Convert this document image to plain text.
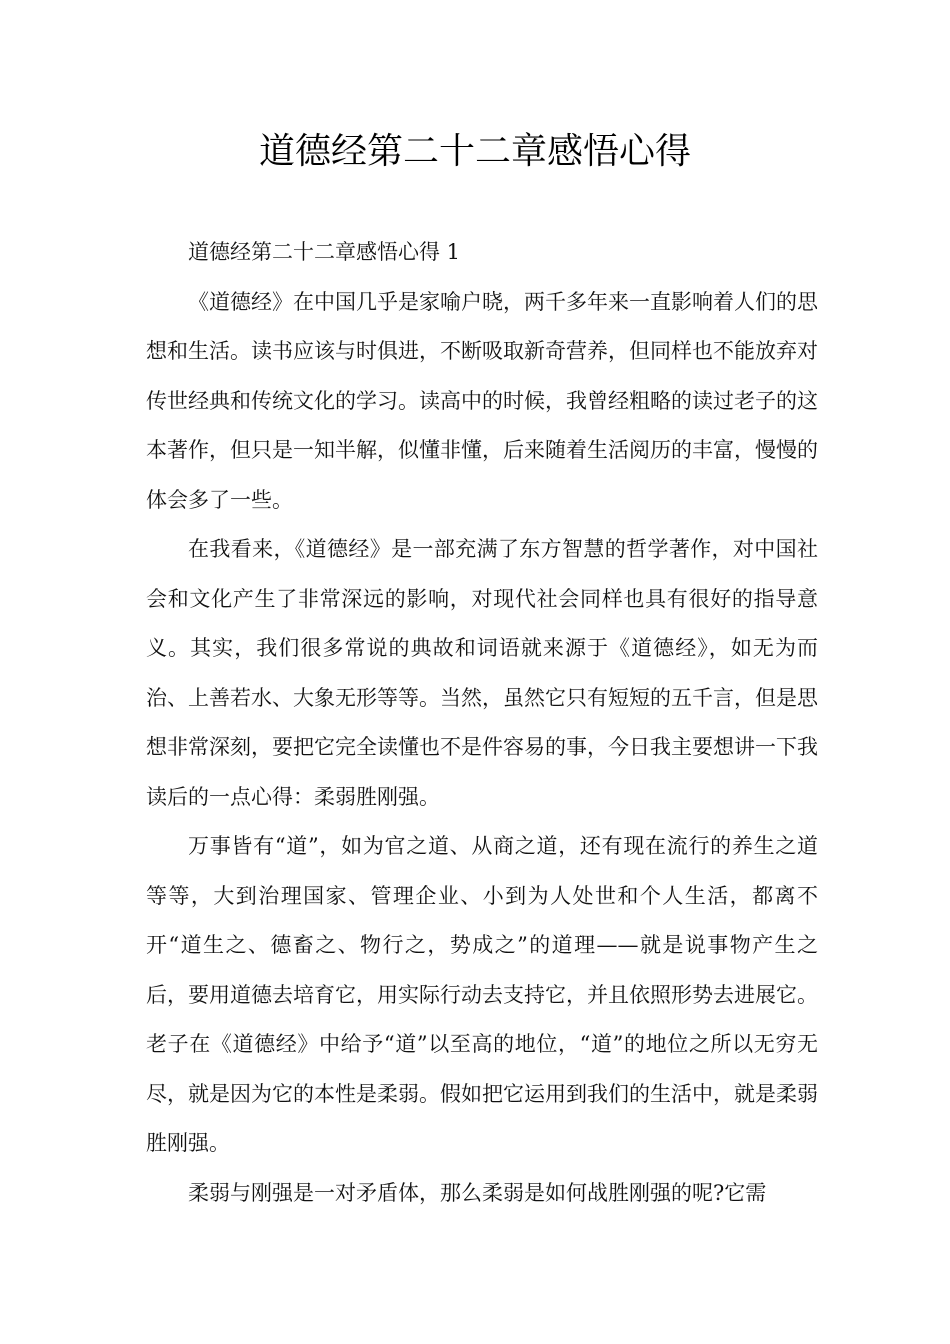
道德经第二十二章感悟心得

道德经第二十二章感悟心得 1

《道德经》在中国几乎是家喻户晓，两千多年来一直影响着人们的思想和生活。读书应该与时俱进，不断吸取新奇营养，但同样也不能放弃对传世经典和传统文化的学习。读高中的时候，我曾经粗略的读过老子的这本著作，但只是一知半解，似懂非懂，后来随着生活阅历的丰富，慢慢的体会多了一些。

在我看来，《道德经》是一部充满了东方智慧的哲学著作，对中国社会和文化产生了非常深远的影响，对现代社会同样也具有很好的指导意义。其实，我们很多常说的典故和词语就来源于《道德经》，如无为而治、上善若水、大象无形等等。当然，虽然它只有短短的五千言，但是思想非常深刻，要把它完全读懂也不是件容易的事，今日我主要想讲一下我读后的一点心得：柔弱胜刚强。

万事皆有“道”，如为官之道、从商之道，还有现在流行的养生之道等等，大到治理国家、管理企业、小到为人处世和个人生活，都离不开“道生之、德畜之、物行之，势成之”的道理——就是说事物产生之后，要用道德去培育它，用实际行动去支持它，并且依照形势去进展它。老子在《道德经》中给予“道”以至高的地位，“道”的地位之所以无穷无尽，就是因为它的本性是柔弱。假如把它运用到我们的生活中，就是柔弱胜刚强。

柔弱与刚强是一对矛盾体，那么柔弱是如何战胜刚强的呢?它需
